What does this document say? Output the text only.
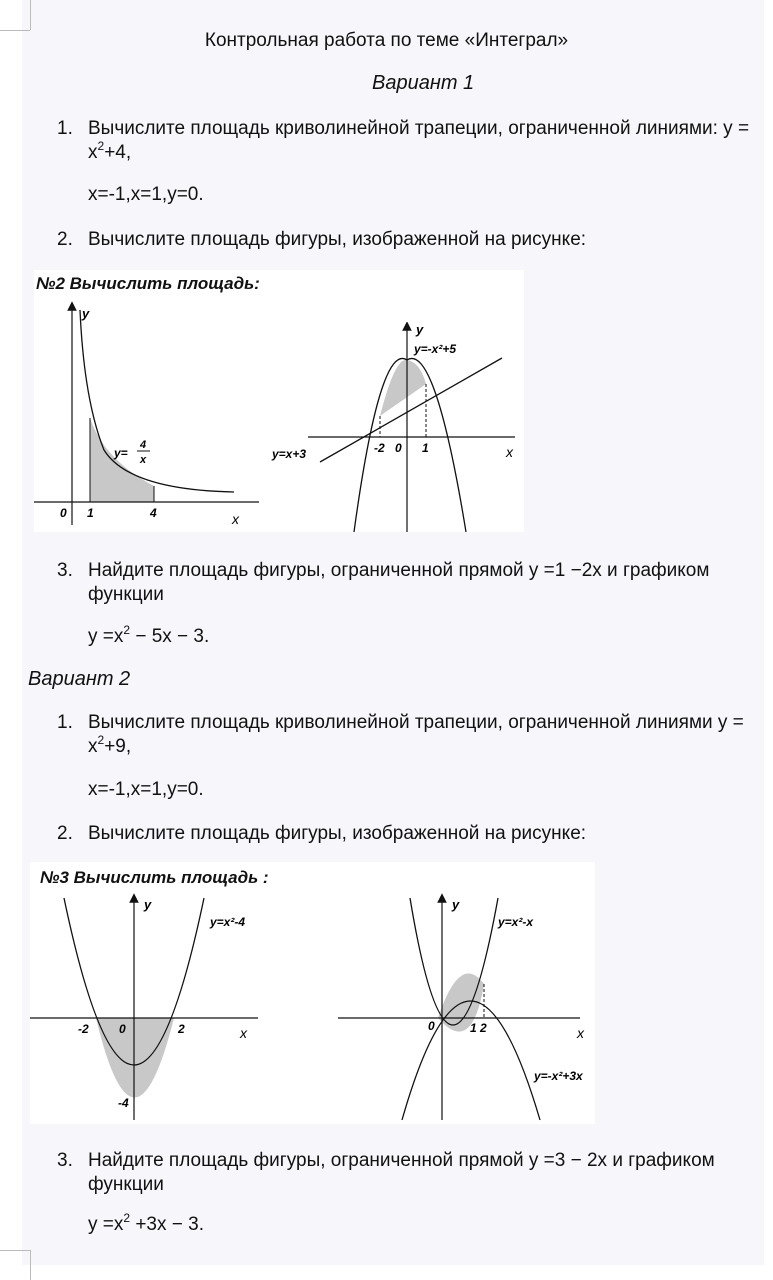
Контрольная работа по теме «Интеграл»
Вариант 1
1. Вычислите площадь криволинейной трапеции, ограниченной линиями: y =
$x^2+4$,
x=-1,x=1,y=0.
2. Вычислите площадь фигуры, изображенной на рисунке:
№2 Вычислить площадь:
y
x
0 1	4
y=
4
x
y
x
y=-x²+5
y=x+3	-2 0 1
3. Найдите площадь фигуры, ограниченной прямой у =1 −2х и графиком
функции
$у =х^2 - 5х - 3$.
Вариант 2
1. Вычислите площадь криволинейной трапеции, ограниченной линиями у =
$x^2+9$,
x=-1,x=1,y=0.
2. Вычислите площадь фигуры, изображенной на рисунке:
№3 Вычислить площадь :
y
x
y=x²-4
-2	0	2
-4
y
x
y=x²-x
y=-x²+3x
0	1 2
3. Найдите площадь фигуры, ограниченной прямой у =3 − 2х и графиком
функции
$у =х^2 +3х - 3$.
